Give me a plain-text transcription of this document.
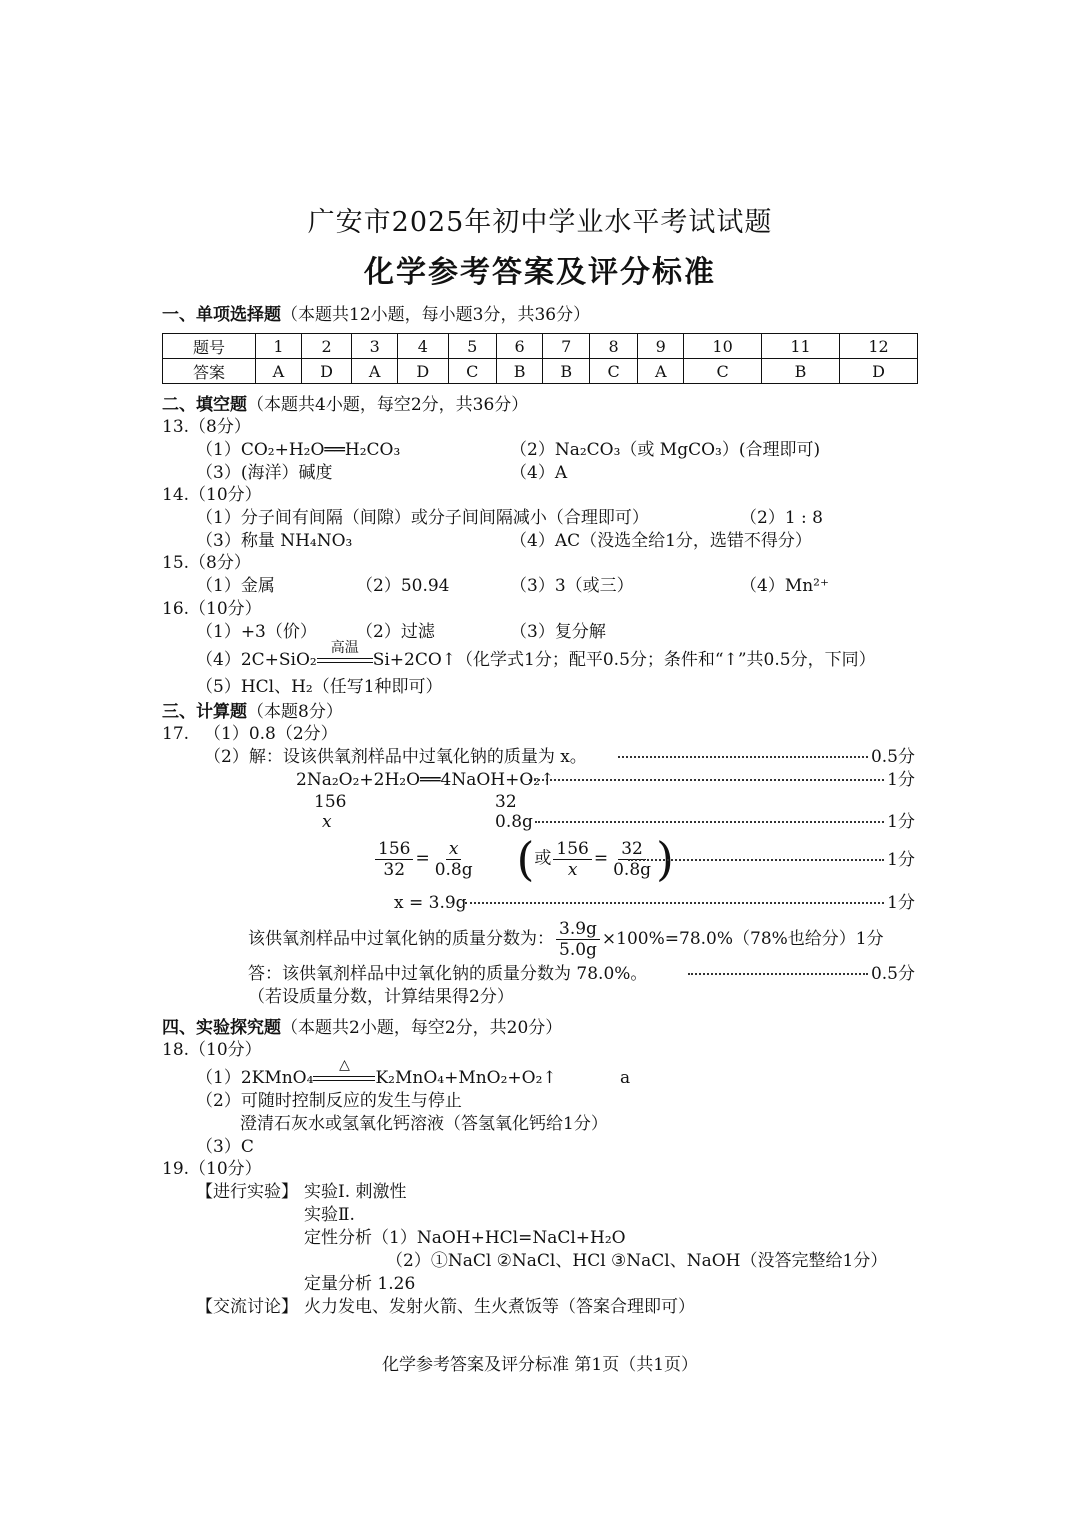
广安市2025年初中学业水平考试试题
化学参考答案及评分标准
一、单项选择题（本题共12小题，每小题3分，共36分）
题号	1	2	3	4	5	6	7	8	9	10	11	12
答案	A	D	A	D	C	B	B	C	A	C	B	D
二、填空题（本题共4小题，每空2分，共36分）
13.（8分）
（1）CO₂+H₂O══H₂CO₃	（2）Na₂CO₃（或 MgCO₃）(合理即可)
（3）(海洋）碱度	（4）A
14.（10分）
（1）分子间有间隔（间隙）或分子间间隔减小（合理即可）	（2）1 : 8
（3）称量 NH₄NO₃	（4）AC（没选全给1分，选错不得分）
15.（8分）
（1）金属	（2）50.94	（3）3（或三）	（4）Mn²⁺
16.（10分）
（1）+3（价） （2）过滤	（3）复分解
（4）2C+SiO₂
高温
Si+2CO↑（化学式1分；配平0.5分；条件和“↑”共0.5分，下同）
（5）HCl、H₂（任写1种即可）
三、计算题（本题8分）
17. （1）0.8（2分）
（2）解：设该供氧剂样品中过氧化钠的质量为 x。	0.5分
2Na₂O₂+2H₂O══4NaOH+O₂↑	1分
156	32
x	0.8g	1分
$\frac{156}{32} = \frac{x}{0.8g}$ (或 $\frac{156}{x} = \frac{32}{0.8g}$ )	1分
x = 3.9g	1分
该供氧剂样品中过氧化钠的质量分数为： $\frac{3.9g}{5.0g} \times 100\%=78.0\%(78\%$也给分）1分
答：该供氧剂样品中过氧化钠的质量分数为 78.0%。	0.5分
（若设质量分数，计算结果得2分）
四、实验探究题（本题共2小题，每空2分，共20分）
18.（10分）
（1）2KMnO₄
△
K₂MnO₄+MnO₂+O₂↑	a
（2）可随时控制反应的发生与停止
澄清石灰水或氢氧化钙溶液（答氢氧化钙给1分）
（3）C
19.（10分）
【进行实验】 实验Ⅰ. 刺激性
实验Ⅱ.
定性分析（1）NaOH+HCl=NaCl+H₂O
（2）①NaCl ②NaCl、HCl ③NaCl、NaOH（没答完整给1分）
定量分析 1.26
【交流讨论】 火力发电、发射火箭、生火煮饭等（答案合理即可）
化学参考答案及评分标准 第1页（共1页）
